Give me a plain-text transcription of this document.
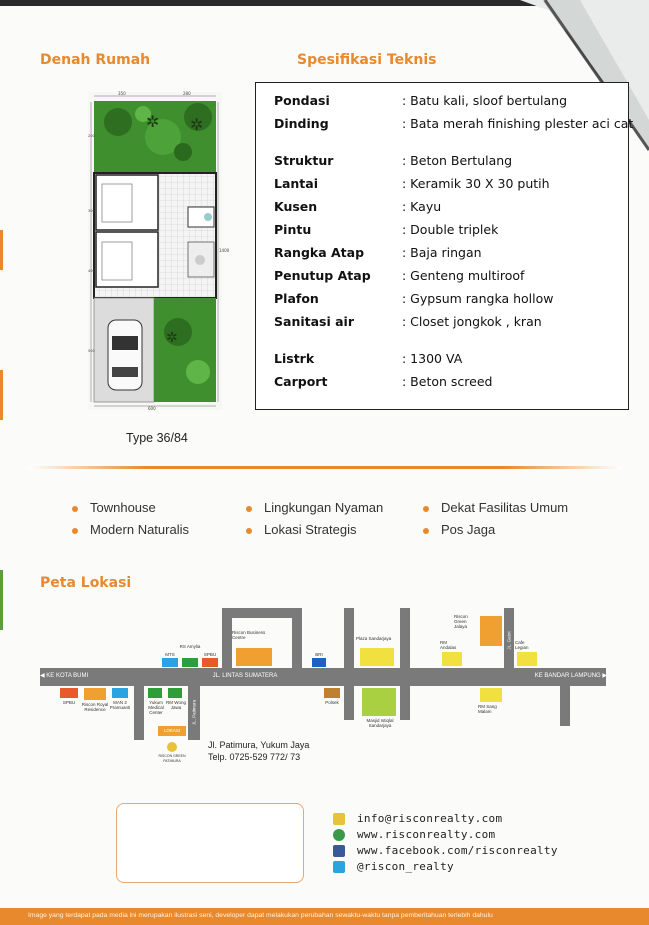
Denah Rumah	Spesifikasi Teknis
✲ ✲
✲
350	280
600
1400
200
300
400
500
Type 36/84
Pondasi	: Batu kali, sloof bertulang
Dinding	: Bata merah finishing plester aci cat
Struktur	: Beton Bertulang
Lantai	: Keramik 30 X 30 putih
Kusen	: Kayu
Pintu	: Double triplek
Rangka Atap	: Baja ringan
Penutup Atap	: Genteng multiroof
Plafon	: Gypsum rangka hollow
Sanitasi air	: Closet jongkok , kran
Listrk	: 1300 VA
Carport	: Beton screed
Townhouse
Modern Naturalis
Lingkungan Nyaman
Lokasi Strategis
Dekat Fasilitas Umum
Pos Jaga
Peta Lokasi
JL. LINTAS SUMATERA
◀ KE KOTA BUMI	KE BANDAR LAMPUNG ▶
JL. Patimura
JL. Gatot
MTS
RS Amylia
SPBU
Riscon Business Centre
BRI
Plaza Sandarjaya
Riscon Green Jalaya
RM Andalas
Cafe Legian
SPBU	Riscon Royal Residence
MAN 2 Pramuanti
Yukum Medical Center
RM Wong Jawa
LOKASI
RISCON GREEN PATIMURA
Polsek
Masjid Istiqlal Sandarjaya
RM Sang Malam
Jl. Patimura, Yukum Jaya
Telp. 0725-529 772/ 73
info@risconrealty.com
www.risconrealty.com
www.facebook.com/risconrealty
@riscon_realty
Image yang terdapat pada media ini merupakan ilustrasi seni, developer dapat melakukan perubahan sewaktu-waktu tanpa pemberitahuan terlebih dahulu
